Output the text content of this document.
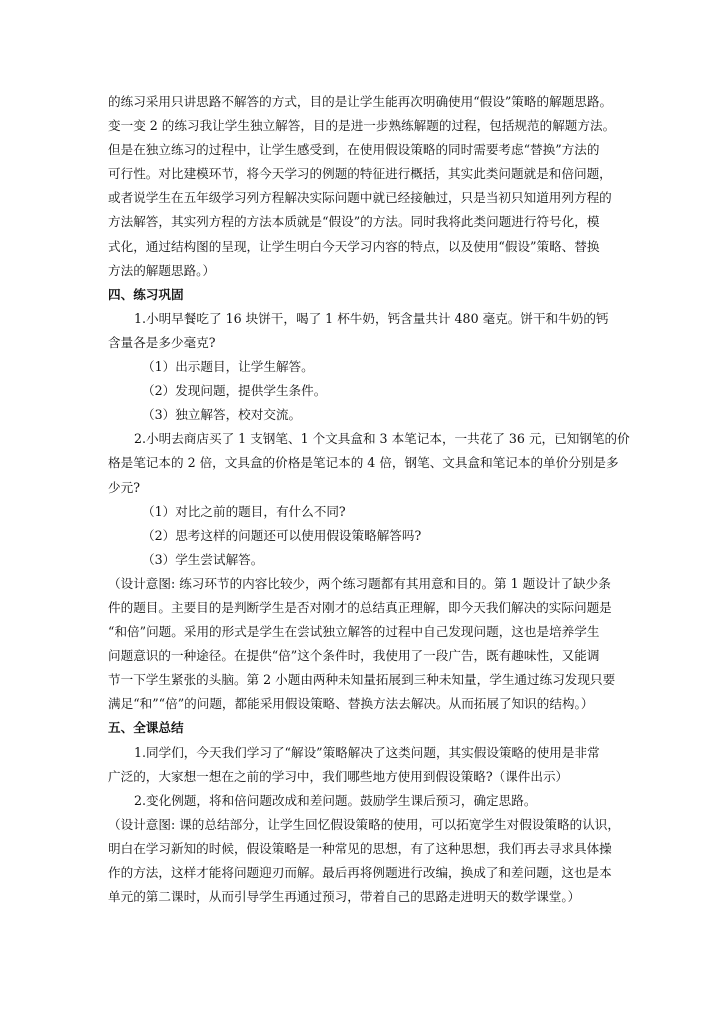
的练习采用只讲思路不解答的方式，目的是让学生能再次明确使用“假设”策略的解题思路。
变一变 2 的练习我让学生独立解答，目的是进一步熟练解题的过程，包括规范的解题方法。
但是在独立练习的过程中，让学生感受到，在使用假设策略的同时需要考虑“替换”方法的
可行性。对比建模环节，将今天学习的例题的特征进行概括，其实此类问题就是和倍问题，
或者说学生在五年级学习列方程解决实际问题中就已经接触过，只是当初只知道用列方程的
方法解答，其实列方程的方法本质就是“假设”的方法。同时我将此类问题进行符号化，模
式化，通过结构图的呈现，让学生明白今天学习内容的特点，以及使用“假设”策略、替换
方法的解题思路。）
四、练习巩固
1.小明早餐吃了 16 块饼干，喝了 1 杯牛奶，钙含量共计 480 毫克。饼干和牛奶的钙
含量各是多少毫克?
（1）出示题目，让学生解答。
（2）发现问题，提供学生条件。
（3）独立解答，校对交流。
2.小明去商店买了 1 支钢笔、1 个文具盒和 3 本笔记本，一共花了 36 元，已知钢笔的价
格是笔记本的 2 倍，文具盒的价格是笔记本的 4 倍，钢笔、文具盒和笔记本的单价分别是多
少元?
（1）对比之前的题目，有什么不同?
（2）思考这样的问题还可以使用假设策略解答吗?
（3）学生尝试解答。
（设计意图: 练习环节的内容比较少，两个练习题都有其用意和目的。第 1 题设计了缺少条
件的题目。主要目的是判断学生是否对刚才的总结真正理解，即今天我们解决的实际问题是
“和倍”问题。采用的形式是学生在尝试独立解答的过程中自己发现问题，这也是培养学生
问题意识的一种途径。在提供“倍”这个条件时，我使用了一段广告，既有趣味性，又能调
节一下学生紧张的头脑。第 2 小题由两种未知量拓展到三种未知量，学生通过练习发现只要
满足“和”“倍”的问题，都能采用假设策略、替换方法去解决。从而拓展了知识的结构。）
五、全课总结
1.同学们，今天我们学习了“解设”策略解决了这类问题，其实假设策略的使用是非常
广泛的，大家想一想在之前的学习中，我们哪些地方使用到假设策略?（课件出示）
2.变化例题，将和倍问题改成和差问题。鼓励学生课后预习，确定思路。
（设计意图: 课的总结部分，让学生回忆假设策略的使用，可以拓宽学生对假设策略的认识，
明白在学习新知的时候，假设策略是一种常见的思想，有了这种思想，我们再去寻求具体操
作的方法，这样才能将问题迎刃而解。最后再将例题进行改编，换成了和差问题，这也是本
单元的第二课时，从而引导学生再通过预习，带着自己的思路走进明天的数学课堂。）
